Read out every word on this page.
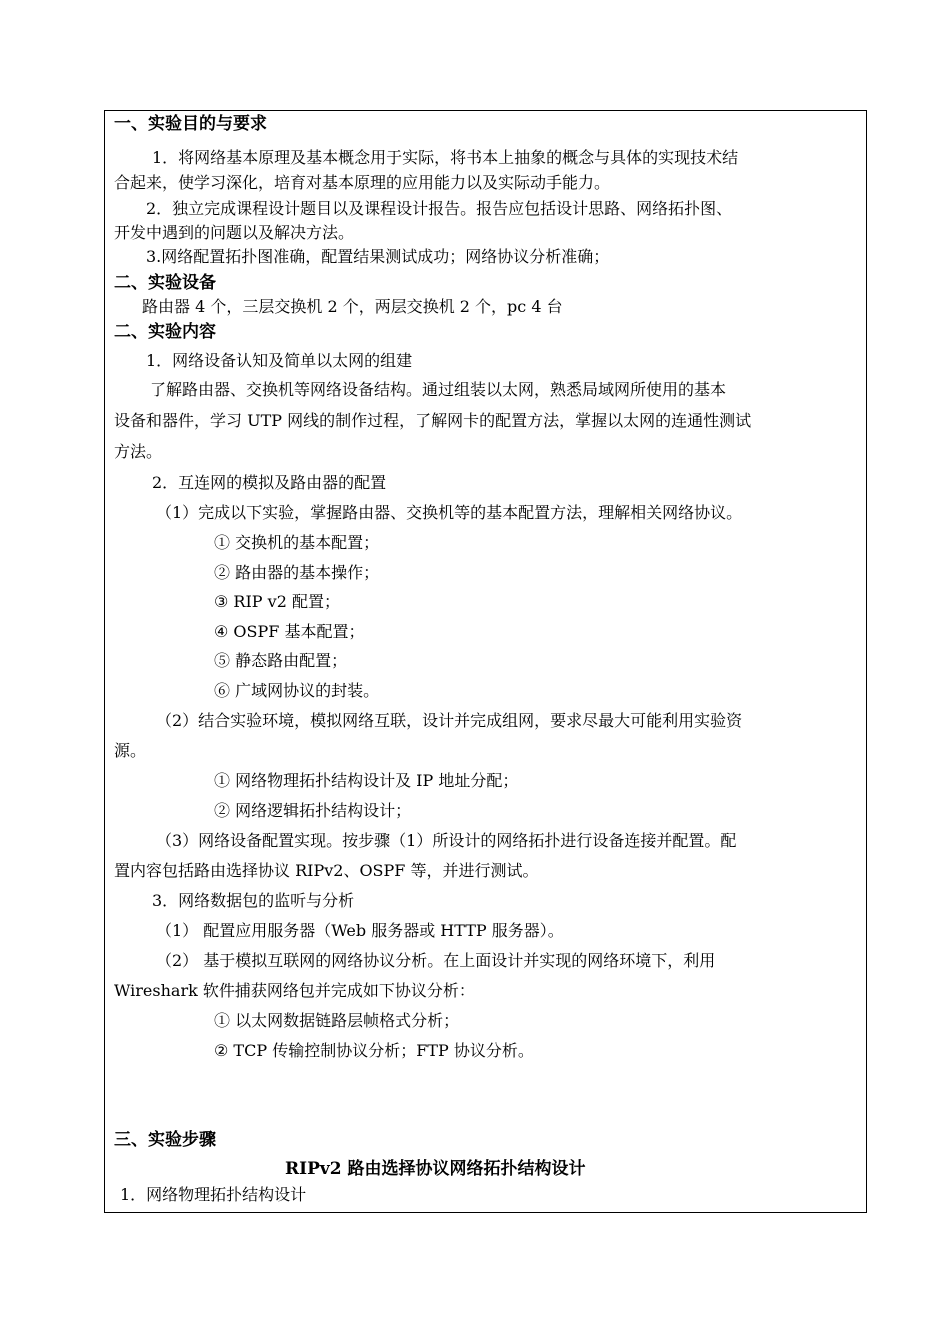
一、实验目的与要求
1．将网络基本原理及基本概念用于实际，将书本上抽象的概念与具体的实现技术结
合起来，使学习深化，培育对基本原理的应用能力以及实际动手能力。
2．独立完成课程设计题目以及课程设计报告。报告应包括设计思路、网络拓扑图、
开发中遇到的问题以及解决方法。
3.网络配置拓扑图准确，配置结果测试成功；网络协议分析准确；
二、实验设备
路由器 4 个，三层交换机 2 个，两层交换机 2 个，pc 4 台
二、实验内容
1．网络设备认知及简单以太网的组建
了解路由器、交换机等网络设备结构。通过组装以太网，熟悉局域网所使用的基本
设备和器件，学习 UTP 网线的制作过程，了解网卡的配置方法，掌握以太网的连通性测试
方法。
2．互连网的模拟及路由器的配置
（1）完成以下实验，掌握路由器、交换机等的基本配置方法，理解相关网络协议。
① 交换机的基本配置；
② 路由器的基本操作；
③ RIP v2 配置；
④ OSPF 基本配置；
⑤ 静态路由配置；
⑥ 广域网协议的封装。
（2）结合实验环境，模拟网络互联，设计并完成组网，要求尽最大可能利用实验资
源。
① 网络物理拓扑结构设计及 IP 地址分配；
② 网络逻辑拓扑结构设计；
（3）网络设备配置实现。按步骤（1）所设计的网络拓扑进行设备连接并配置。配
置内容包括路由选择协议 RIPv2、OSPF 等，并进行测试。
3．网络数据包的监听与分析
（1） 配置应用服务器（Web 服务器或 HTTP 服务器）。
（2） 基于模拟互联网的网络协议分析。在上面设计并实现的网络环境下，利用
Wireshark 软件捕获网络包并完成如下协议分析：
① 以太网数据链路层帧格式分析；
② TCP 传输控制协议分析；FTP 协议分析。
三、实验步骤
RIPv2 路由选择协议网络拓扑结构设计
1．网络物理拓扑结构设计
